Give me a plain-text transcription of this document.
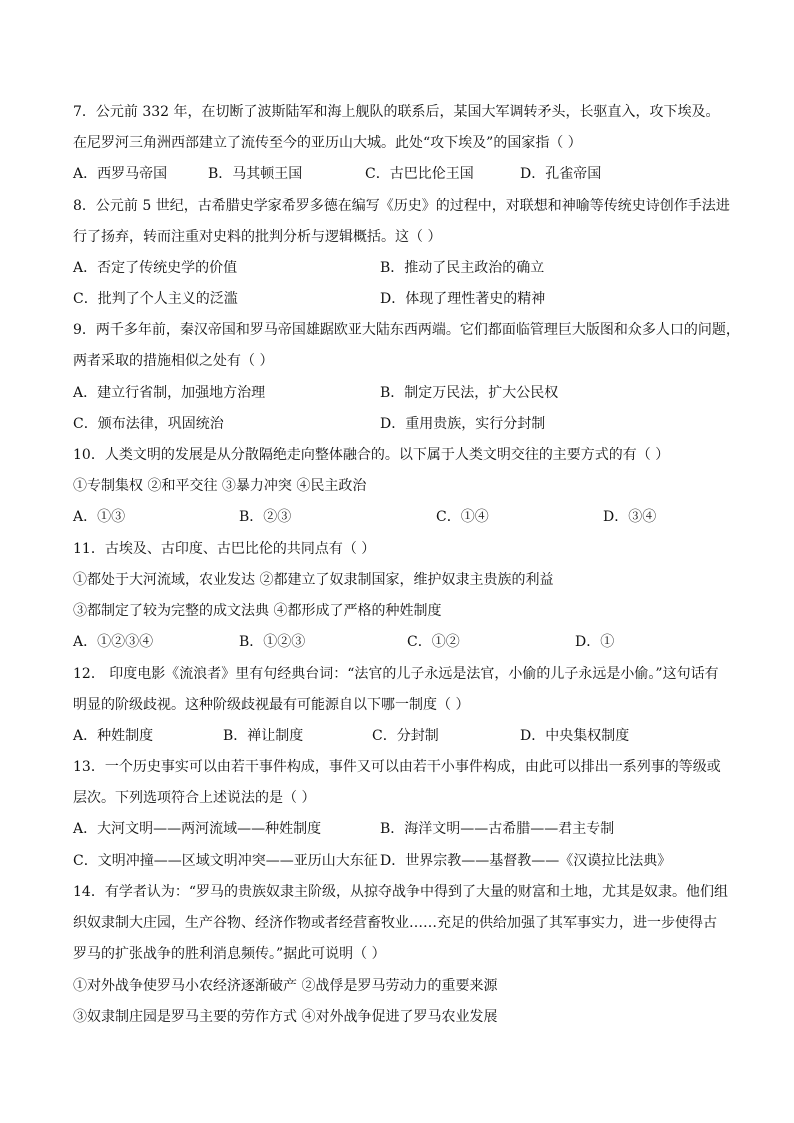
7．公元前 332 年，在切断了波斯陆军和海上舰队的联系后，某国大军调转矛头，长驱直入，攻下埃及。
在尼罗河三角洲西部建立了流传至今的亚历山大城。此处“攻下埃及”的国家指（ ）
A．西罗马帝国	B．马其顿王国	C．古巴比伦王国	D．孔雀帝国
8．公元前 5 世纪，古希腊史学家希罗多德在编写《历史》的过程中，对联想和神喻等传统史诗创作手法进
行了扬弃，转而注重对史料的批判分析与逻辑概括。这（ ）
A．否定了传统史学的价值	B．推动了民主政治的确立
C．批判了个人主义的泛滥	D．体现了理性著史的精神
9．两千多年前，秦汉帝国和罗马帝国雄踞欧亚大陆东西两端。它们都面临管理巨大版图和众多人口的问题，
两者采取的措施相似之处有（ ）
A．建立行省制，加强地方治理	B．制定万民法，扩大公民权
C．颁布法律，巩固统治	D．重用贵族，实行分封制
10．人类文明的发展是从分散隔绝走向整体融合的。以下属于人类文明交往的主要方式的有（ ）
①专制集权 ②和平交往 ③暴力冲突 ④民主政治
A．①③	B．②③	C．①④	D．③④
11．古埃及、古印度、古巴比伦的共同点有（ ）
①都处于大河流域，农业发达 ②都建立了奴隶制国家，维护奴隶主贵族的利益
③都制定了较为完整的成文法典 ④都形成了严格的种姓制度
A．①②③④	B．①②③	C．①②	D．①
12． 印度电影《流浪者》里有句经典台词：“法官的儿子永远是法官，小偷的儿子永远是小偷。”这句话有
明显的阶级歧视。这种阶级歧视最有可能源自以下哪一制度（ ）
A．种姓制度	B．禅让制度	C．分封制	D．中央集权制度
13．一个历史事实可以由若干事件构成，事件又可以由若干小事件构成，由此可以排出一系列事的等级或
层次。下列选项符合上述说法的是（ ）
A．大河文明——两河流域——种姓制度	B．海洋文明——古希腊——君主专制
C．文明冲撞——区域文明冲突——亚历山大东征 D．世界宗教——基督教——《汉谟拉比法典》
14．有学者认为：“罗马的贵族奴隶主阶级，从掠夺战争中得到了大量的财富和土地，尤其是奴隶。他们组
织奴隶制大庄园，生产谷物、经济作物或者经营畜牧业……充足的供给加强了其军事实力，进一步使得古
罗马的扩张战争的胜利消息频传。”据此可说明（ ）
①对外战争使罗马小农经济逐渐破产 ②战俘是罗马劳动力的重要来源
③奴隶制庄园是罗马主要的劳作方式 ④对外战争促进了罗马农业发展
